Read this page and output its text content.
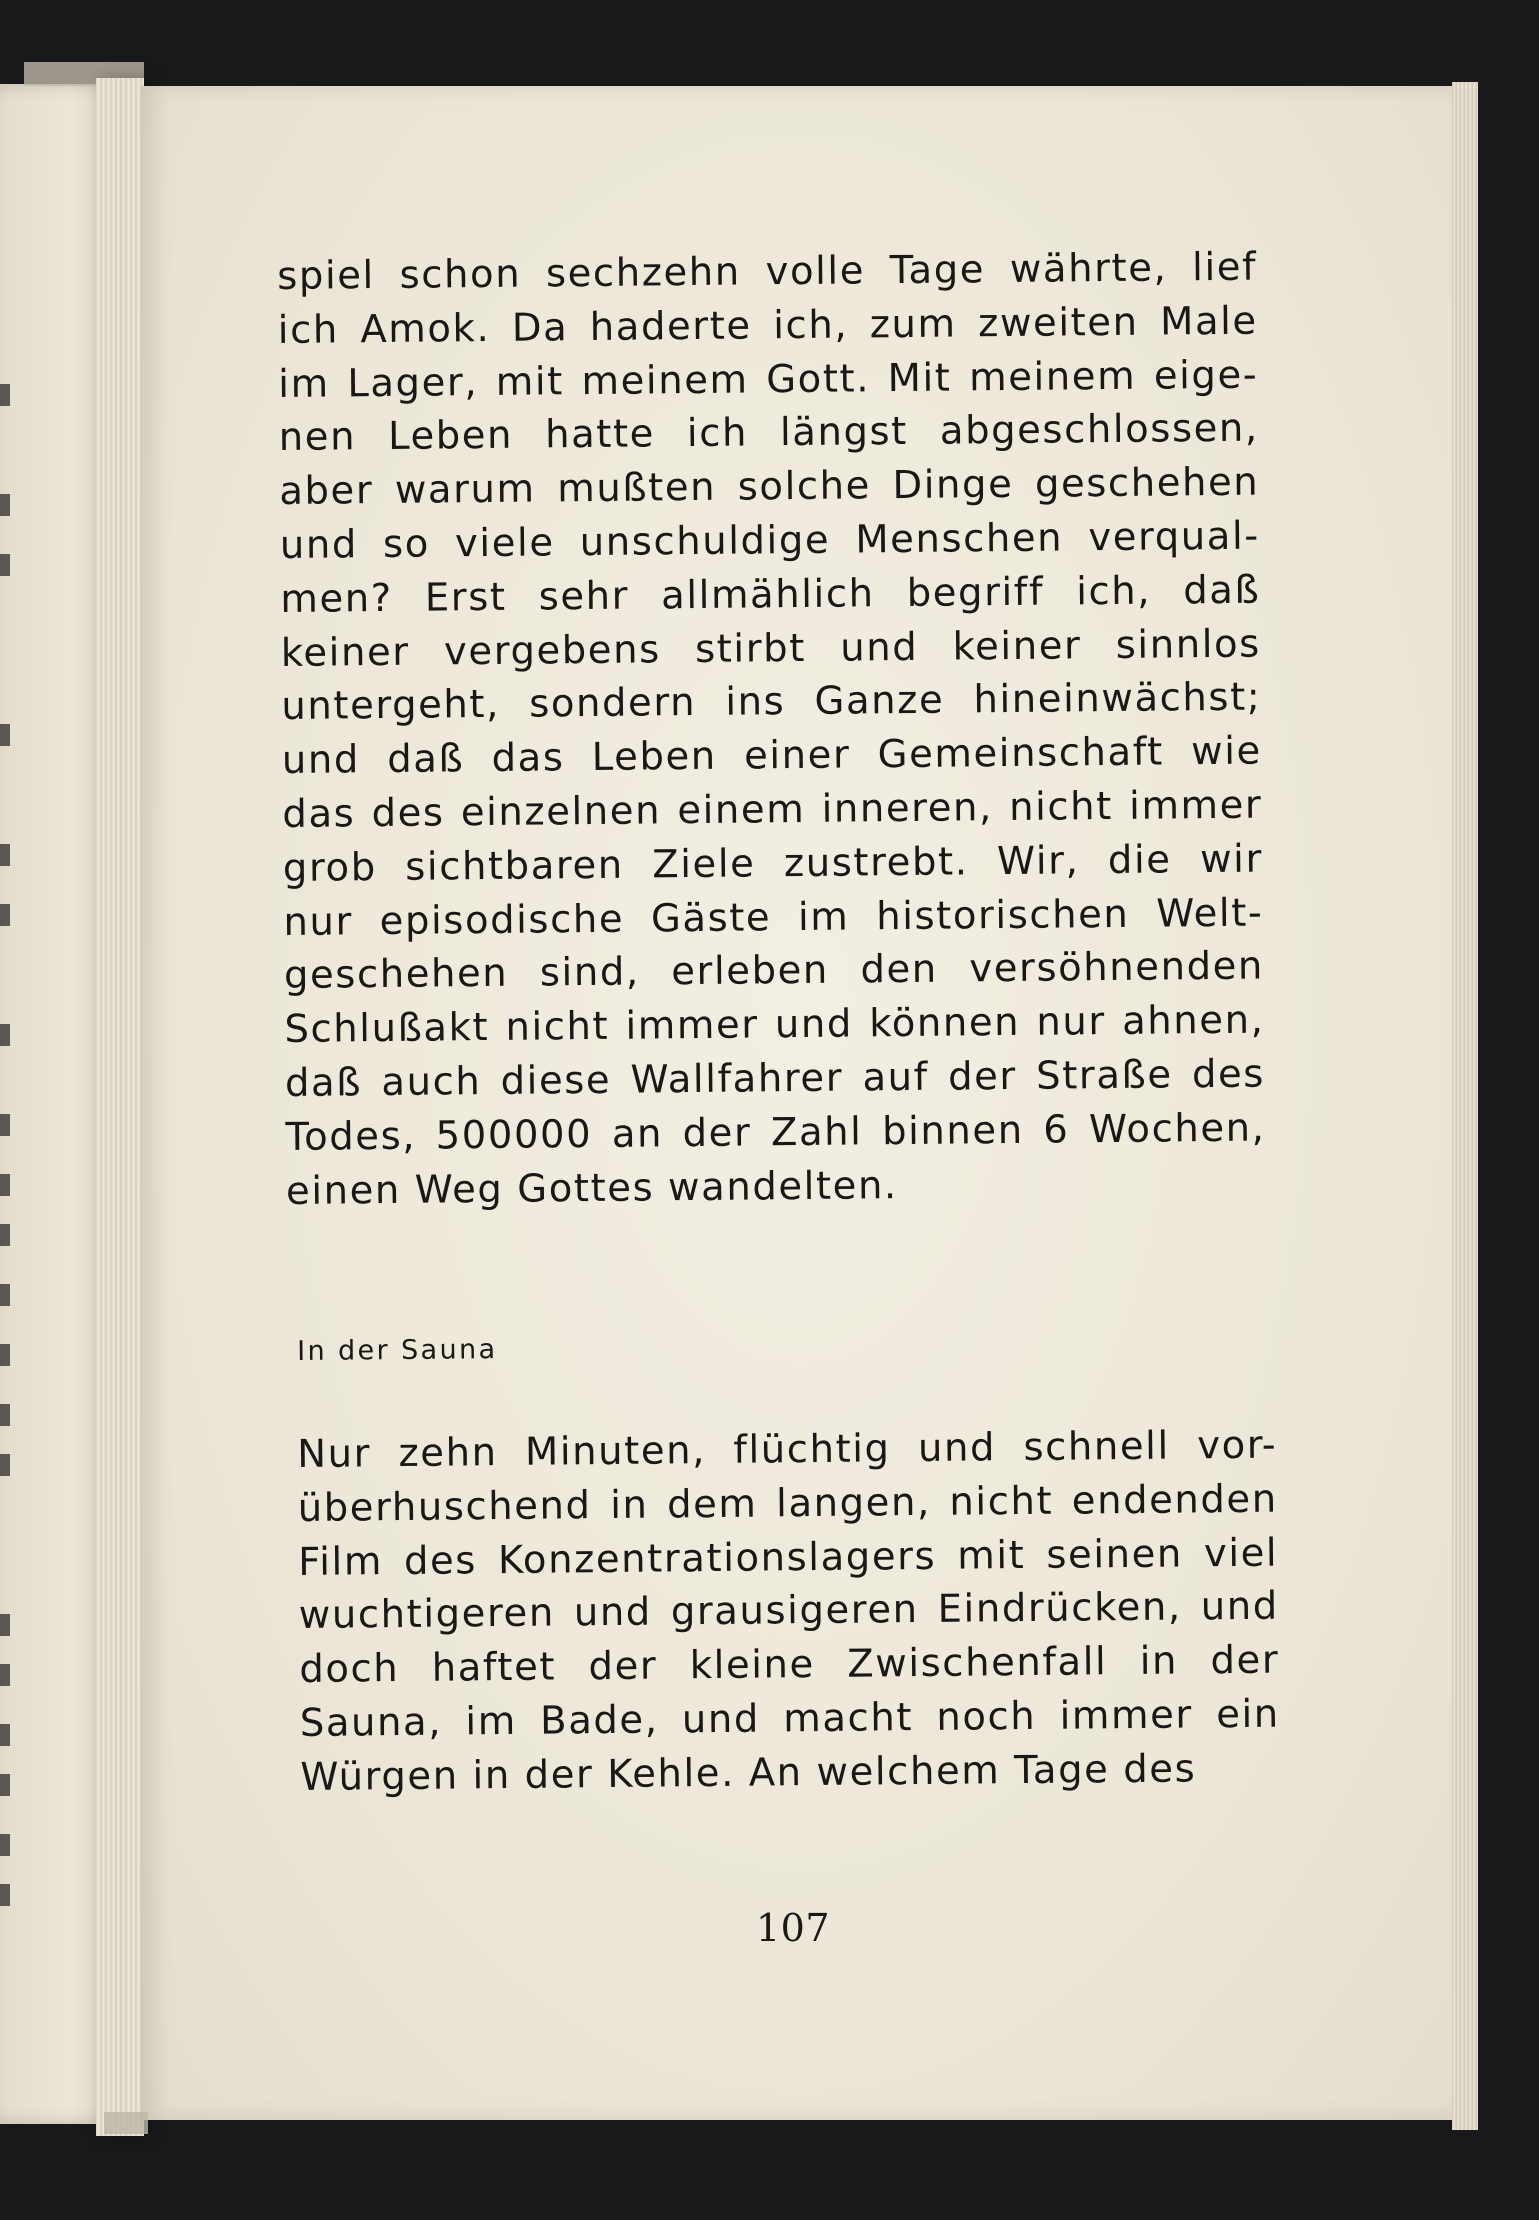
spiel schon sechzehn volle Tage währte, lief
ich Amok. Da haderte ich, zum zweiten Male
im Lager, mit meinem Gott. Mit meinem eige-
nen Leben hatte ich längst abgeschlossen,
aber warum mußten solche Dinge geschehen
und so viele unschuldige Menschen verqual-
men? Erst sehr allmählich begriff ich, daß
keiner vergebens stirbt und keiner sinnlos
untergeht, sondern ins Ganze hineinwächst;
und daß das Leben einer Gemeinschaft wie
das des einzelnen einem inneren, nicht immer
grob sichtbaren Ziele zustrebt. Wir, die wir
nur episodische Gäste im historischen Welt-
geschehen sind, erleben den versöhnenden
Schlußakt nicht immer und können nur ahnen,
daß auch diese Wallfahrer auf der Straße des
Todes, 500000 an der Zahl binnen 6 Wochen,
einen Weg Gottes wandelten.
In der Sauna
Nur zehn Minuten, flüchtig und schnell vor-
überhuschend in dem langen, nicht endenden
Film des Konzentrationslagers mit seinen viel
wuchtigeren und grausigeren Eindrücken, und
doch haftet der kleine Zwischenfall in der
Sauna, im Bade, und macht noch immer ein
Würgen in der Kehle. An welchem Tage des
107
